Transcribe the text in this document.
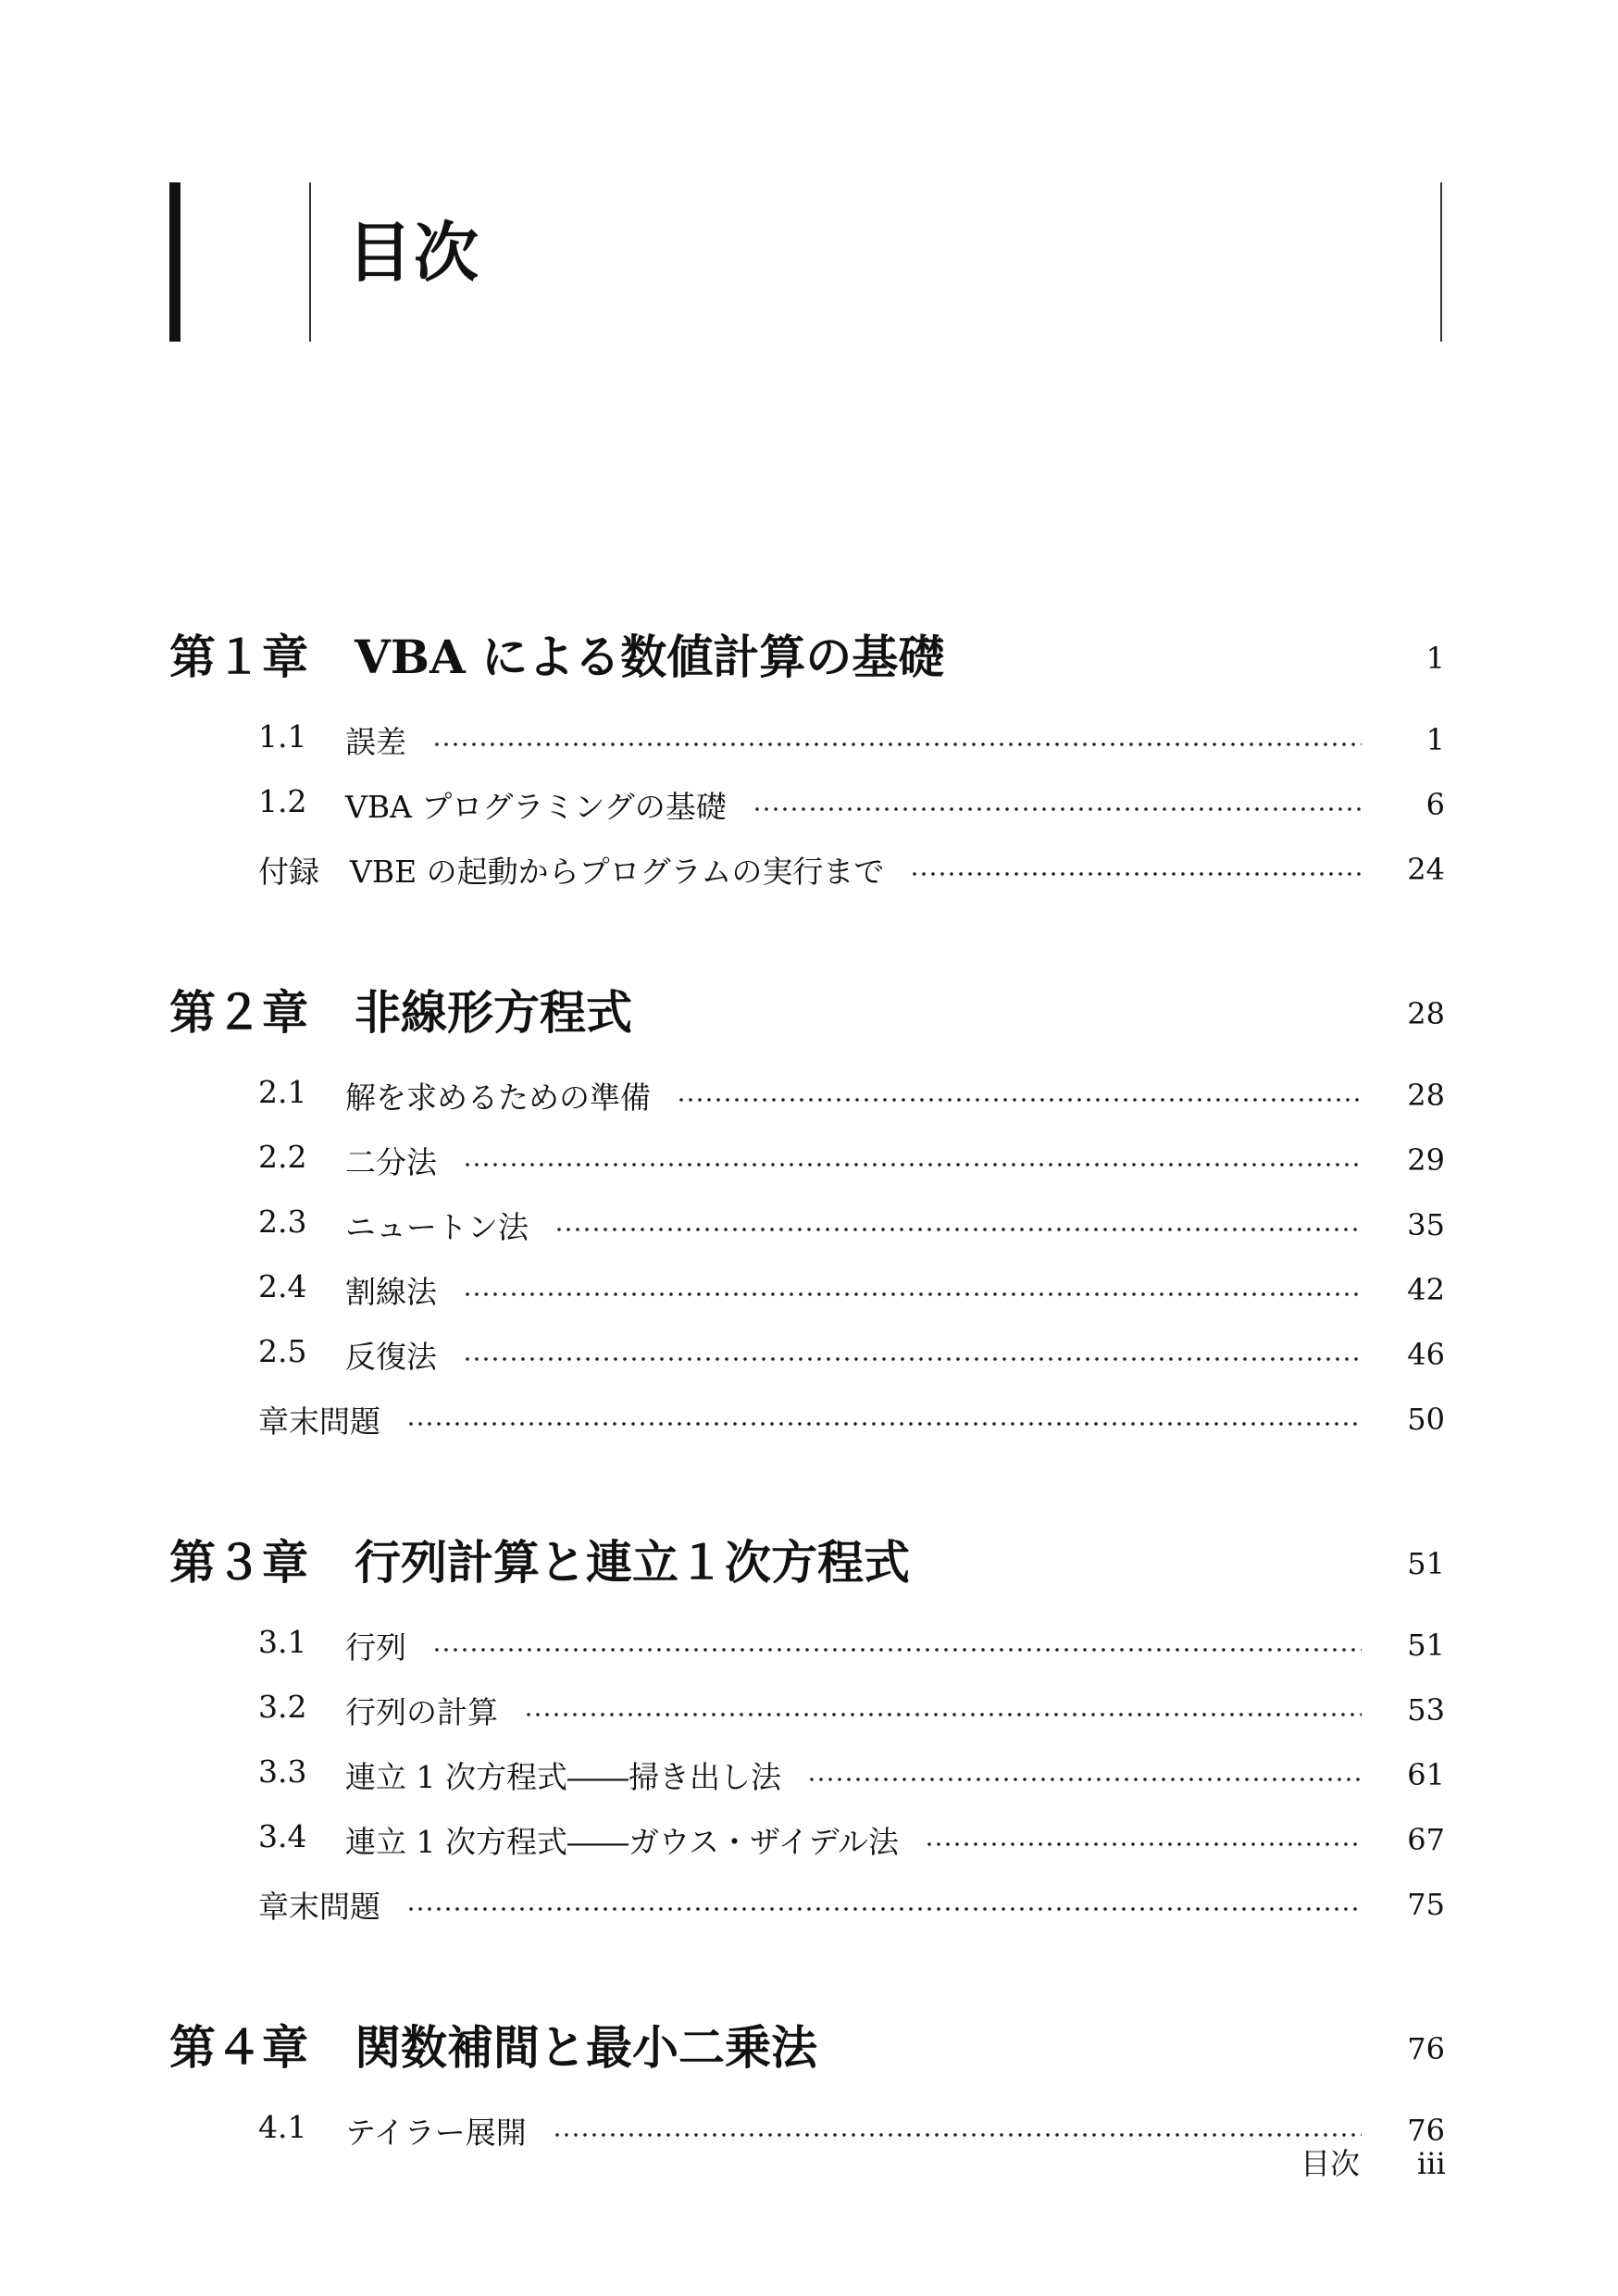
目次
第１章 VBA による数値計算の基礎	1
1.1 誤差	1
1.2 VBA プログラミングの基礎	6
付録　VBE の起動からプログラムの実行まで	24
第２章 非線形方程式	28
2.1 解を求めるための準備	28
2.2 二分法	29
2.3 ニュートン法	35
2.4 割線法	42
2.5 反復法	46
章末問題	50
第３章 行列計算と連立１次方程式	51
3.1 行列	51
3.2 行列の計算	53
3.3 連立 1 次方程式――掃き出し法	61
3.4 連立 1 次方程式――ガウス・ザイデル法	67
章末問題	75
第４章 関数補間と最小二乗法	76
4.1 テイラー展開	76
目次 iii
